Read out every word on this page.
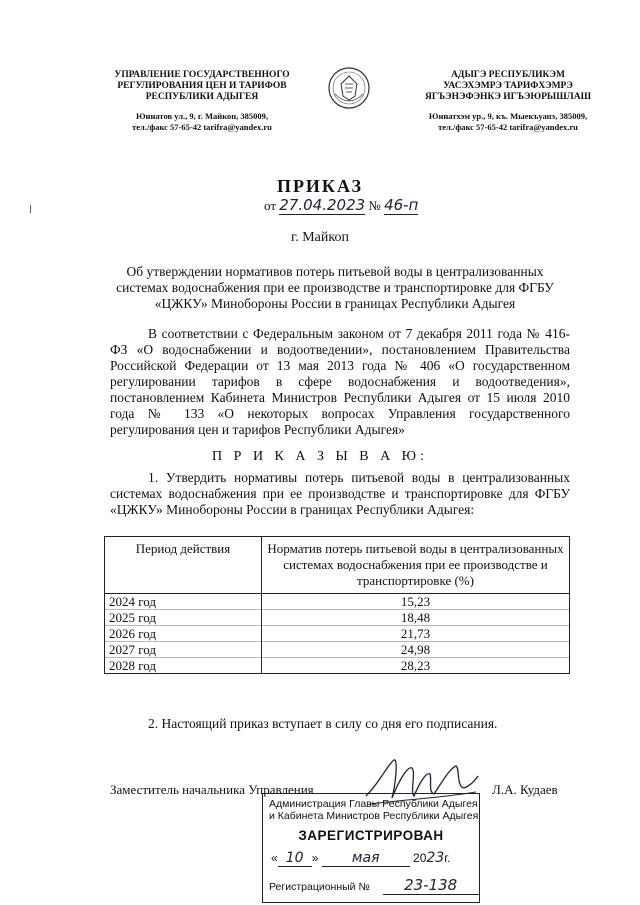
УПРАВЛЕНИЕ ГОСУДАРСТВЕННОГО
РЕГУЛИРОВАНИЯ ЦЕН И ТАРИФОВ
РЕСПУБЛИКИ АДЫГЕЯ
Юннатов ул., 9, г. Майкоп, 385009,
тел./факс 57-65-42 tarifra@yandex.ru
АДЫГЭ РЕСПУБЛИКЭМ
УАСЭХЭМРЭ ТАРИФХЭМРЭ
ЯГЪЭНЭФЭНКЭ ИГЪЭЮРЫШЛАШ
Юннатхэм ур., 9, къ. Мыекъуапэ, 385009,
тел./факс 57-65-42 tarifra@yandex.ru
ПРИКАЗ
от 27.04.2023 № 46-п
г. Майкоп
Об утверждении нормативов потерь питьевой воды в централизованных системах водоснабжения при ее производстве и транспортировке для ФГБУ «ЦЖКУ» Минобороны России в границах Республики Адыгея
В соответствии с Федеральным законом от 7 декабря 2011 года № 416-ФЗ «О водоснабжении и водоотведении», постановлением Правительства Российской Федерации от 13 мая 2013 года № 406 «О государственном регулировании тарифов в сфере водоснабжения и водоотведения», постановлением Кабинета Министров Республики Адыгея от 15 июля 2010 года № 133 «О некоторых вопросах Управления государственного регулирования цен и тарифов Республики Адыгея»
П Р И К А З Ы В А Ю:
1. Утвердить нормативы потерь питьевой воды в централизованных системах водоснабжения при ее производстве и транспортировке для ФГБУ «ЦЖКУ» Минобороны России в границах Республики Адыгея:
Период действия	Норматив потерь питьевой воды в централизованных системах водоснабжения при ее производстве и транспортировке (%)
2024 год	15,23
2025 год	18,48
2026 год	21,73
2027 год	24,98
2028 год	28,23
2. Настоящий приказ вступает в силу со дня его подписания.
Заместитель начальника Управления	Л.А. Кудаев
Администрация Главы Республики Адыгея
и Кабинета Министров Республики Адыгея
ЗАРЕГИСТРИРОВАН
« 10 » мая	2023г.
Регистрационный № 23-138
